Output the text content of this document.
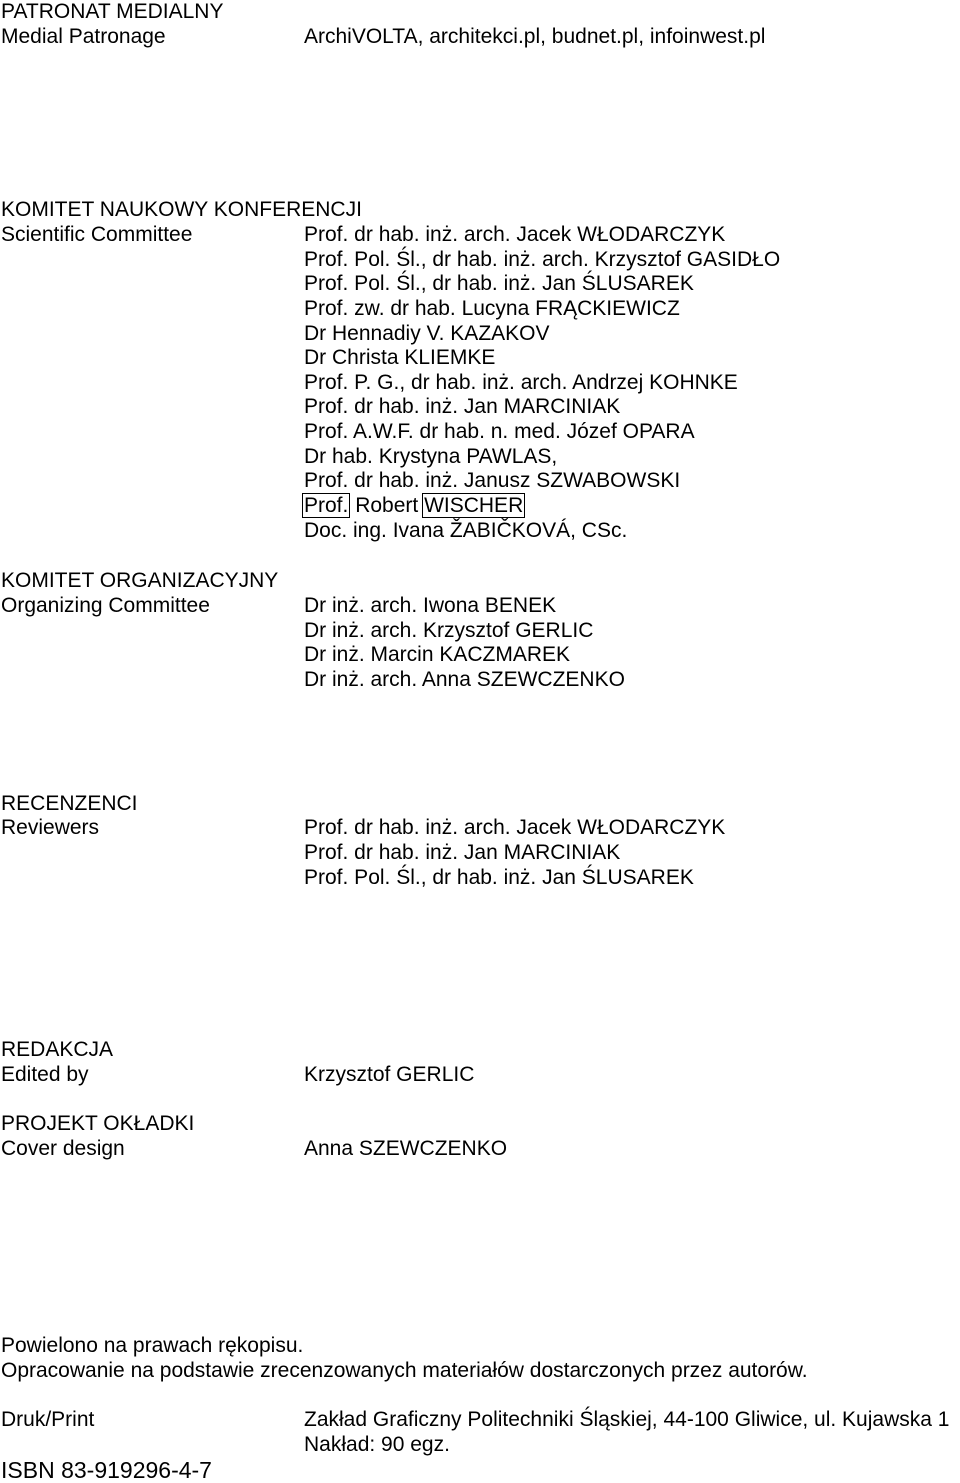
PATRONAT MEDIALNY

Medial Patronage	ArchiVOLTA, architekci.pl, budnet.pl, infoinwest.pl

KOMITET NAUKOWY KONFERENCJI

Scientific Committee	Prof. dr hab. inż. arch. Jacek WŁODARCZYK

Prof. Pol. Śl., dr hab. inż. arch. Krzysztof GASIDŁO

Prof. Pol. Śl., dr hab. inż. Jan ŚLUSAREK

Prof. zw. dr hab. Lucyna FRĄCKIEWICZ

Dr Hennadiy V. KAZAKOV

Dr Christa KLIEMKE

Prof. P. G., dr hab. inż. arch. Andrzej KOHNKE

Prof. dr hab. inż. Jan MARCINIAK

Prof. A.W.F. dr hab. n. med. Józef OPARA

Dr hab. Krystyna PAWLAS,

Prof. dr hab. inż. Janusz SZWABOWSKI

Prof. Robert WISCHER

Doc. ing. Ivana ŽABIČKOVÁ, CSc.

KOMITET ORGANIZACYJNY

Organizing Committee	Dr inż. arch. Iwona BENEK

Dr inż. arch. Krzysztof GERLIC

Dr inż. Marcin KACZMAREK

Dr inż. arch. Anna SZEWCZENKO

RECENZENCI

Reviewers	Prof. dr hab. inż. arch. Jacek WŁODARCZYK

Prof. dr hab. inż. Jan MARCINIAK

Prof. Pol. Śl., dr hab. inż. Jan ŚLUSAREK

REDAKCJA

Edited by	Krzysztof GERLIC

PROJEKT OKŁADKI

Cover design	Anna SZEWCZENKO

Powielono na prawach rękopisu.

Opracowanie na podstawie zrecenzowanych materiałów dostarczonych przez autorów.

Druk/Print	Zakład Graficzny Politechniki Śląskiej, 44-100 Gliwice, ul. Kujawska 1

Nakład: 90 egz.

ISBN 83-919296-4-7
